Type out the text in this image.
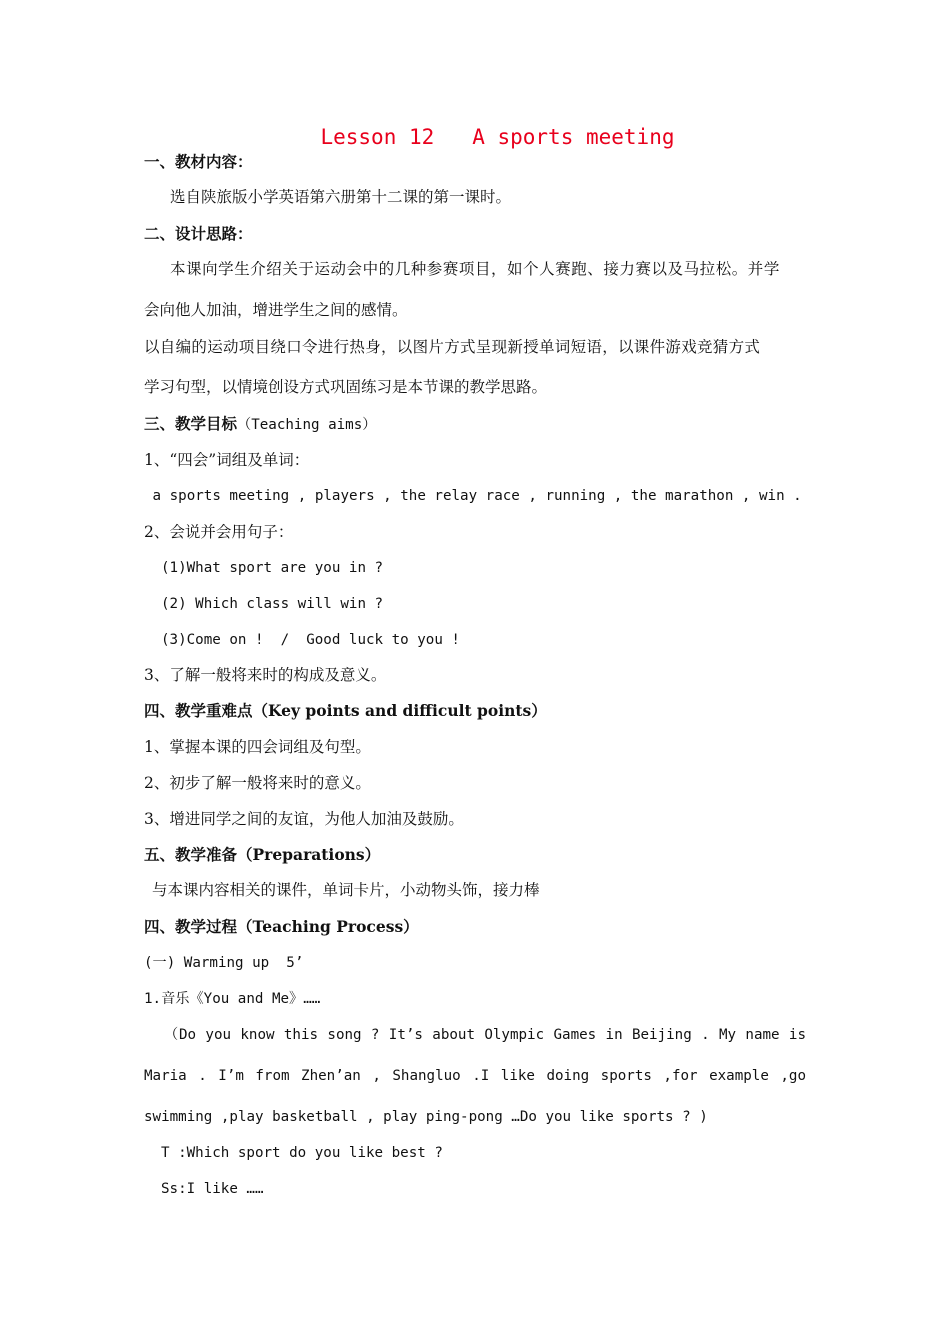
Lesson 12   A sports meeting
一、教材内容：
选自陕旅版小学英语第六册第十二课的第一课时。
二、设计思路：
本课向学生介绍关于运动会中的几种参赛项目，如个人赛跑、接力赛以及马拉松。并学
会向他人加油，增进学生之间的感情。
以自编的运动项目绕口令进行热身，以图片方式呈现新授单词短语，以课件游戏竞猜方式
学习句型，以情境创设方式巩固练习是本节课的教学思路。
三、教学目标（Teaching aims）
1、“四会”词组及单词：
a sports meeting , players , the relay race , running , the marathon , win .
2、会说并会用句子：
(1)What sport are you in ?
(2) Which class will win ?
(3)Come on !  /  Good luck to you !
3、了解一般将来时的构成及意义。
四、教学重难点（Key points and difficult points）
1、掌握本课的四会词组及句型。
2、初步了解一般将来时的意义。
3、增进同学之间的友谊，为他人加油及鼓励。
五、教学准备（Preparations）
与本课内容相关的课件，单词卡片，小动物头饰，接力棒
四、教学过程（Teaching Process）
(一) Warming up  5’
1.音乐《You and Me》……
（Do you know this song ? It’s about Olympic Games in Beijing . My name is
Maria . I’m from Zhen’an , Shangluo .I like doing sports ,for example ,go
swimming ,play basketball , play ping-pong …Do you like sports ? )
T :Which sport do you like best ?
Ss:I like ……
